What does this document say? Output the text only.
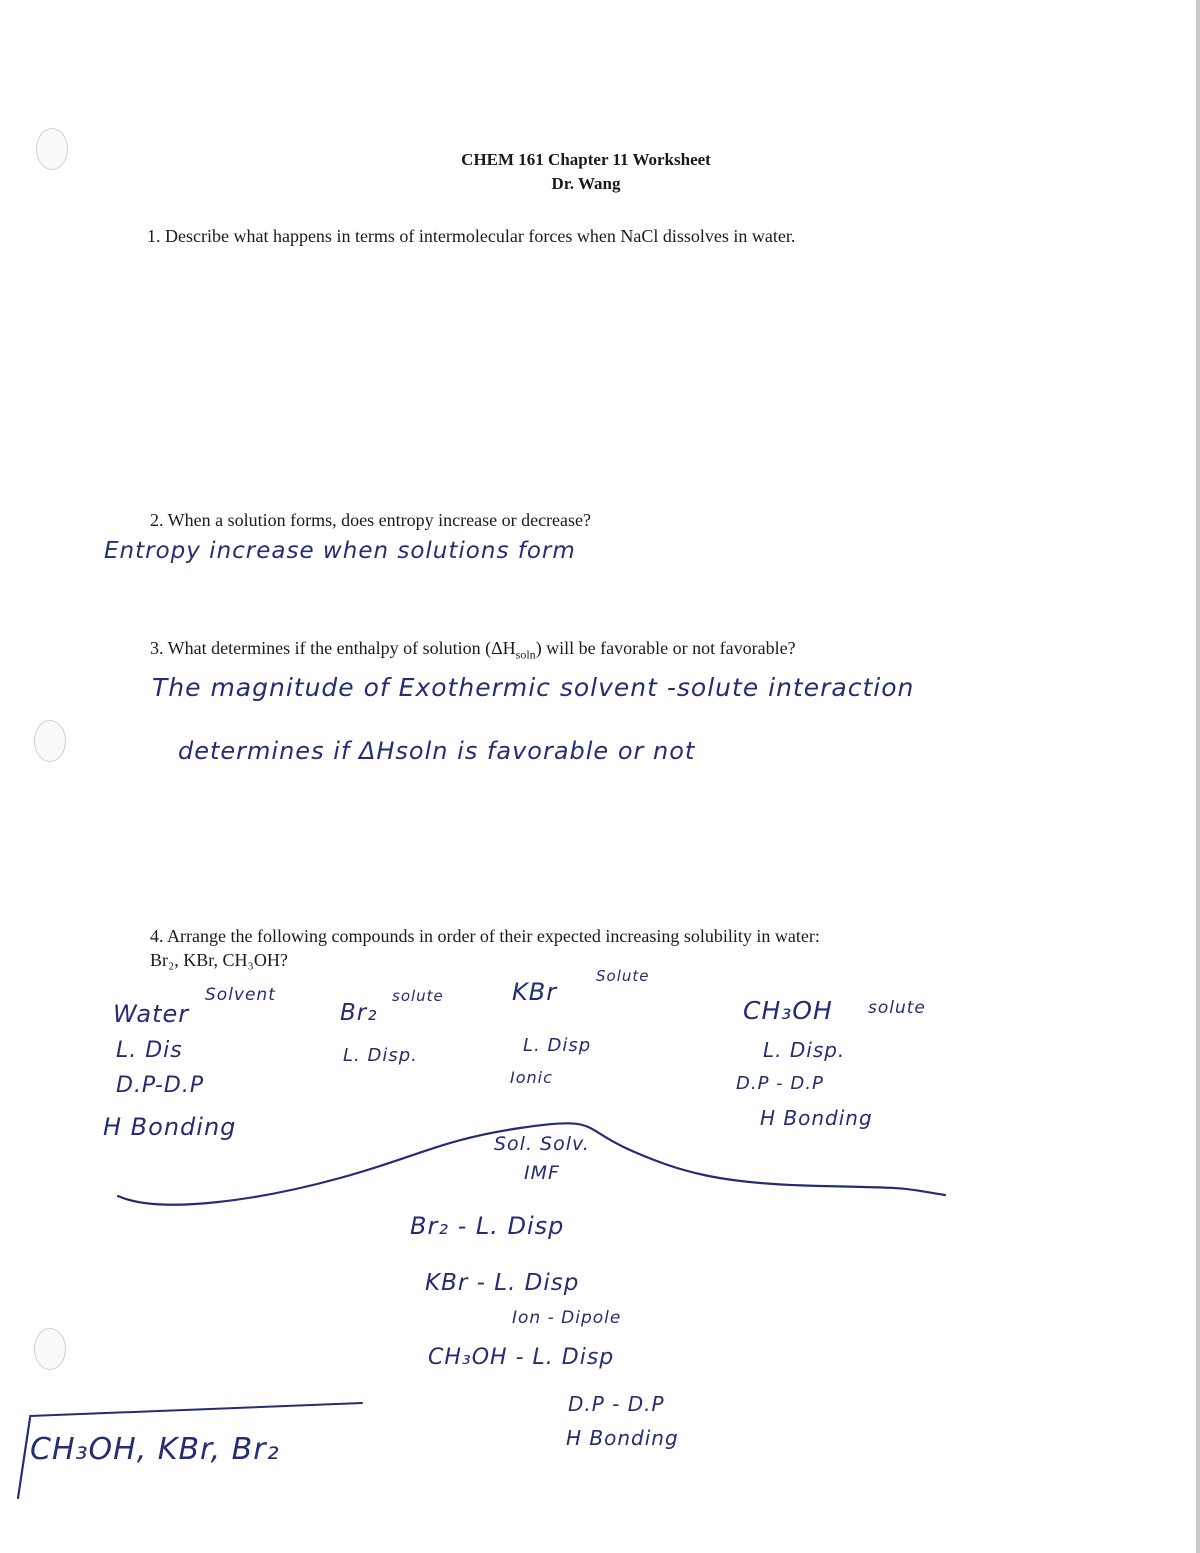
CHEM 161 Chapter 11 Worksheet
Dr. Wang
1. Describe what happens in terms of intermolecular forces when NaCl dissolves in water.
2. When a solution forms, does entropy increase or decrease?
Entropy increase when solutions form
3. What determines if the enthalpy of solution $(\Delta H_{soln})$ will be favorable or not favorable?
The magnitude of Exothermic solvent -solute interaction
determines if ΔHsoln is favorable or not
4. Arrange the following compounds in order of their expected increasing solubility in water:
Br₂, KBr, CH₃OH?
Water
Solvent
L. Dis
D.P-D.P
H Bonding
Br₂
solute
L. Disp.
KBr
Solute
L. Disp
Ionic
CH₃OH solute
L. Disp.
D.P - D.P
H Bonding
Sol. Solv.
IMF
Br₂ - L. Disp
KBr - L. Disp
Ion - Dipole
CH₃OH - L. Disp
D.P - D.P
H Bonding
CH₃OH, KBr, Br₂
